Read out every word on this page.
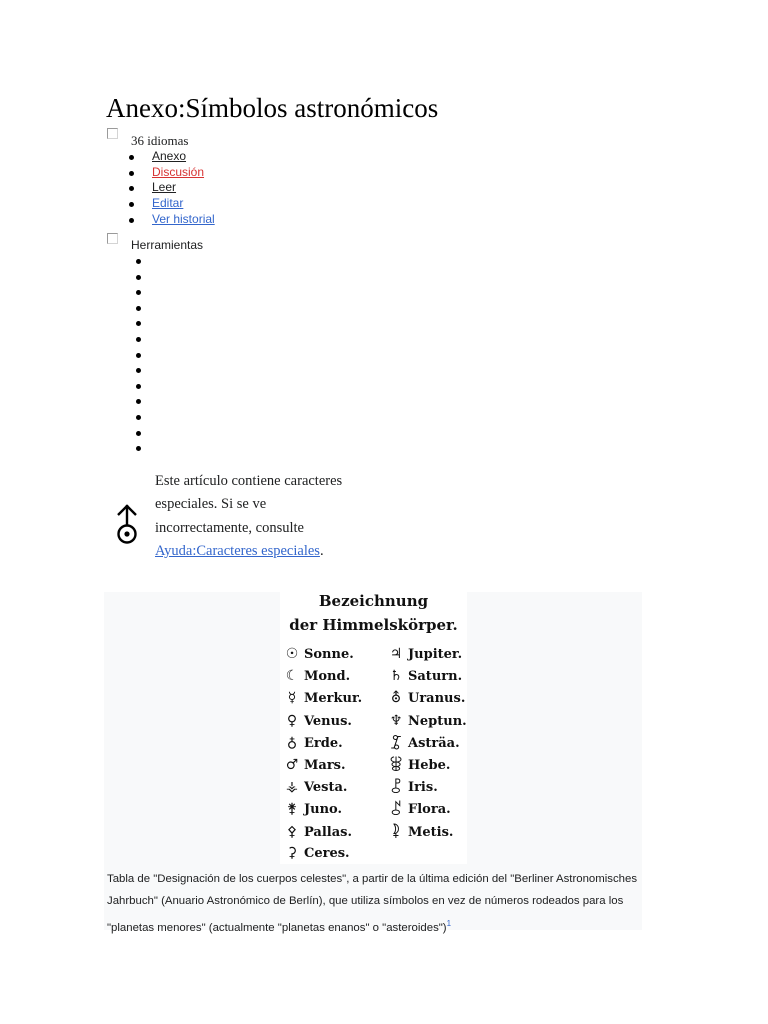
Anexo:Símbolos astronómicos
36 idiomas
Anexo
Discusión
Leer
Editar
Ver historial
Herramientas
Este artículo contiene caracteres especiales. Si se ve incorrectamente, consulte Ayuda:Caracteres especiales.
Bezeichnung
der Himmelskörper.
☉ Sonne.
☾ Mond.
☿ Merkur.
♀ Venus.
♁ Erde.
♂ Mars.
⚶ Vesta.
⚵ Juno.
⚴ Pallas.
⚳ Ceres.
♃ Jupiter.
♄ Saturn.
⛢ Uranus.
♆ Neptun.
⯙ Asträa.
⯚ Hebe.
⯛ Iris.
⯜ Flora.
⯝ Metis.
Tabla de "Designación de los cuerpos celestes", a partir de la última edición del "Berliner Astronomisches Jahrbuch" (Anuario Astronómico de Berlín), que utiliza símbolos en vez de números rodeados para los "planetas menores" (actualmente "planetas enanos" o "asteroides")$^1$
